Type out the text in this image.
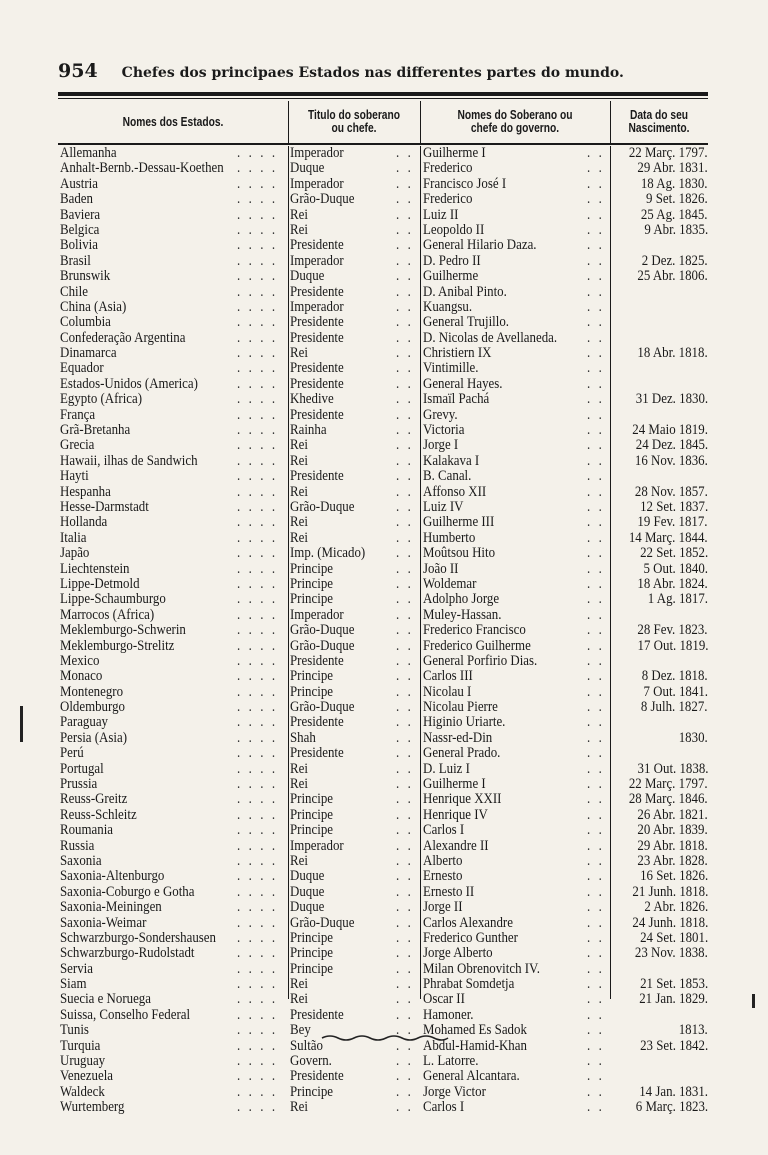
954 Chefes dos principaes Estados nas differentes partes do mundo.
Nomes dos Estados.	Titulo do soberano
ou chefe.
Nomes do Soberano ou
chefe do governo.
Data do seu
Nascimento.
Allemanha	. . . . Imperador	. . Guilherme I	. .	22 Març. 1797.
Anhalt-Bernb.-Dessau-Koethen . . . . Duque	. . Frederico	. .	29 Abr. 1831.
Austria	. . . . Imperador	. . Francisco José I	. .	18 Ag. 1830.
Baden	. . . . Grão-Duque	. . Frederico	. .	9 Set. 1826.
Baviera	. . . . Rei	. . Luiz II	. .	25 Ag. 1845.
Belgica	. . . . Rei	. . Leopoldo II	. .	9 Abr. 1835.
Bolivia	. . . . Presidente	. . General Hilario Daza.	. .
Brasil	. . . . Imperador	. . D. Pedro II	. .	2 Dez. 1825.
Brunswik	. . . . Duque	. . Guilherme	. .	25 Abr. 1806.
Chile	. . . . Presidente	. . D. Anibal Pinto.	. .
China (Asia)	. . . . Imperador	. . Kuangsu.	. .
Columbia	. . . . Presidente	. . General Trujillo.	. .
Confederação Argentina	. . . . Presidente	. . D. Nicolas de Avellaneda. . .
Dinamarca	. . . . Rei	. . Christiern IX	. .	18 Abr. 1818.
Equador	. . . . Presidente	. . Vintimille.	. .
Estados-Unidos (America)	. . . . Presidente	. . General Hayes.	. .
Egypto (Africa)	. . . . Khedive	. . Ismaïl Pachá	. .	31 Dez. 1830.
França	. . . . Presidente	. . Grevy.	. .
Grã-Bretanha	. . . . Rainha	. . Victoria	. .	24 Maio 1819.
Grecia	. . . . Rei	. . Jorge I	. .	24 Dez. 1845.
Hawaii, ilhas de Sandwich	. . . . Rei	. . Kalakava I	. .	16 Nov. 1836.
Hayti	. . . . Presidente	. . B. Canal.	. .
Hespanha	. . . . Rei	. . Affonso XII	. .	28 Nov. 1857.
Hesse-Darmstadt	. . . . Grão-Duque	. . Luiz IV	. .	12 Set. 1837.
Hollanda	. . . . Rei	. . Guilherme III	. .	19 Fev. 1817.
Italia	. . . . Rei	. . Humberto	. .	14 Març. 1844.
Japão	. . . . Imp. (Micado) . . Moûtsou Hito	. .	22 Set. 1852.
Liechtenstein	. . . . Principe	. . João II	. .	5 Out. 1840.
Lippe-Detmold	. . . . Principe	. . Woldemar	. .	18 Abr. 1824.
Lippe-Schaumburgo	. . . . Principe	. . Adolpho Jorge	. .	1 Ag. 1817.
Marrocos (Africa)	. . . . Imperador	. . Muley-Hassan.	. .
Meklemburgo-Schwerin	. . . . Grão-Duque	. . Frederico Francisco	. .	28 Fev. 1823.
Meklemburgo-Strelitz	. . . . Grão-Duque	. . Frederico Guilherme	. .	17 Out. 1819.
Mexico	. . . . Presidente	. . General Porfirio Dias.	. .
Monaco	. . . . Principe	. . Carlos III	. .	8 Dez. 1818.
Montenegro	. . . . Principe	. . Nicolau I	. .	7 Out. 1841.
Oldemburgo	. . . . Grão-Duque	. . Nicolau Pierre	. .	8 Julh. 1827.
Paraguay	. . . . Presidente	. . Higinio Uriarte.	. .
Persia (Asia)	. . . . Shah	. . Nassr-ed-Din	. .	1830.
Perú	. . . . Presidente	. . General Prado.	. .
Portugal	. . . . Rei	. . D. Luiz I	. .	31 Out. 1838.
Prussia	. . . . Rei	. . Guilherme I	. .	22 Març. 1797.
Reuss-Greitz	. . . . Principe	. . Henrique XXII	. .	28 Març. 1846.
Reuss-Schleitz	. . . . Principe	. . Henrique IV	. .	26 Abr. 1821.
Roumania	. . . . Principe	. . Carlos I	. .	20 Abr. 1839.
Russia	. . . . Imperador	. . Alexandre II	. .	29 Abr. 1818.
Saxonia	. . . . Rei	. . Alberto	. .	23 Abr. 1828.
Saxonia-Altenburgo	. . . . Duque	. . Ernesto	. .	16 Set. 1826.
Saxonia-Coburgo e Gotha	. . . . Duque	. . Ernesto II	. .	21 Junh. 1818.
Saxonia-Meiningen	. . . . Duque	. . Jorge II	. .	2 Abr. 1826.
Saxonia-Weimar	. . . . Grão-Duque	. . Carlos Alexandre	. .	24 Junh. 1818.
Schwarzburgo-Sondershausen . . . . Principe	. . Frederico Gunther	. .	24 Set. 1801.
Schwarzburgo-Rudolstadt	. . . . Principe	. . Jorge Alberto	. .	23 Nov. 1838.
Servia	. . . . Principe	. . Milan Obrenovitch IV.	. .
Siam	. . . . Rei	. . Phrabat Somdetja	. .	21 Set. 1853.
Suecia e Noruega	. . . . Rei	. . Oscar II	. .	21 Jan. 1829.
Suissa, Conselho Federal	. . . . Presidente	. . Hamoner.	. .
Tunis	. . . . Bey	. . Mohamed Es Sadok	. .	1813.
Turquia	. . . . Sultão	. . Abdul-Hamid-Khan	. .	23 Set. 1842.
Uruguay	. . . . Govern.	. . L. Latorre.	. .
Venezuela	. . . . Presidente	. . General Alcantara.	. .
Waldeck	. . . . Principe	. . Jorge Victor	. .	14 Jan. 1831.
Wurtemberg	. . . . Rei	. . Carlos I	. .	6 Març. 1823.
